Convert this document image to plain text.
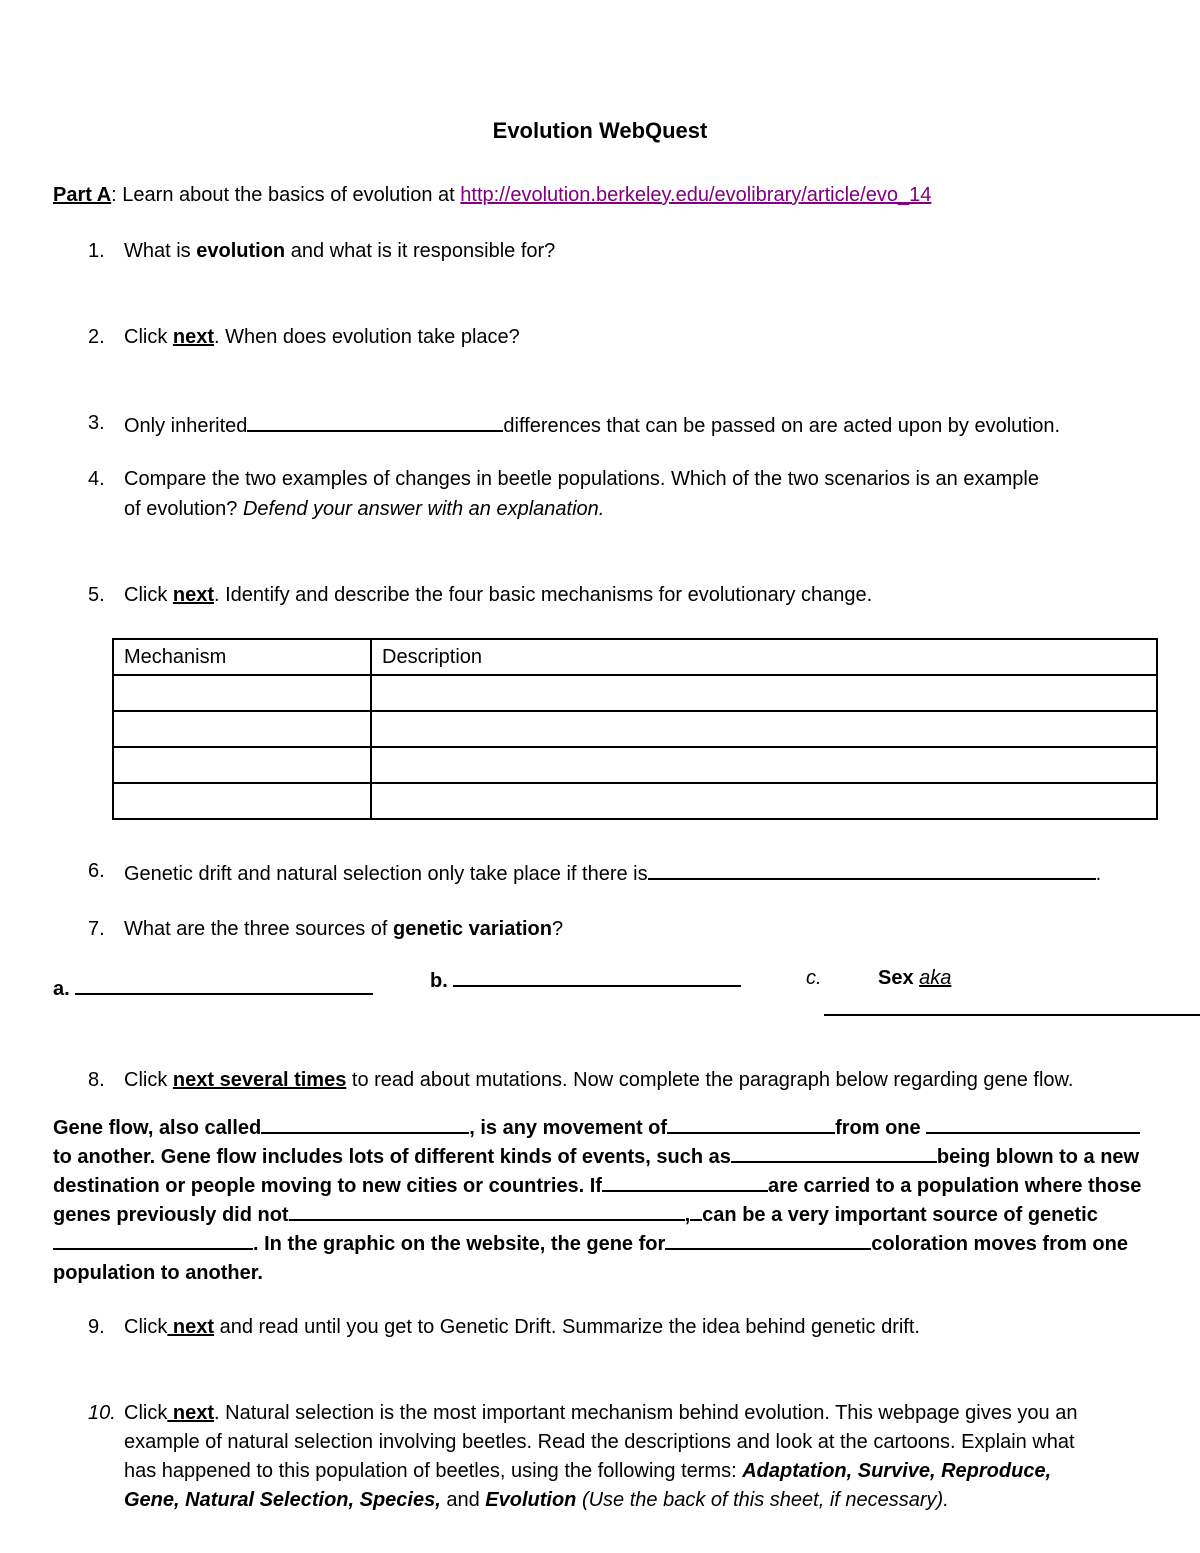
Evolution WebQuest
Part A: Learn about the basics of evolution at http://evolution.berkeley.edu/evolibrary/article/evo_14
1. What is evolution and what is it responsible for?
2. Click next. When does evolution take place?
3. Only inherited	differences that can be passed on are acted upon by evolution.
4. Compare the two examples of changes in beetle populations. Which of the two scenarios is an example
of evolution? Defend your answer with an explanation.
5. Click next. Identify and describe the four basic mechanisms for evolutionary change.
Mechanism	Description

6. Genetic drift and natural selection only take place if there is	.
7. What are the three sources of genetic variation?
a.	b.	c.	Sex aka
8. Click next several times to read about mutations. Now complete the paragraph below regarding gene flow.
Gene flow, also called	, is any movement of	from one  to another. Gene flow includes lots of different kinds of events, such as	being blown to a new destination or people moving to new cities or countries. If	are carried to a population where those genes previously did not	, can be a very important source of genetic. In the graphic on the website, the gene for	coloration moves from one population to another.
9. Click next and read until you get to Genetic Drift. Summarize the idea behind genetic drift.
10. Click next. Natural selection is the most important mechanism behind evolution. This webpage gives you an
example of natural selection involving beetles. Read the descriptions and look at the cartoons. Explain what
has happened to this population of beetles, using the following terms: Adaptation, Survive, Reproduce,
Gene, Natural Selection, Species, and Evolution (Use the back of this sheet, if necessary).
